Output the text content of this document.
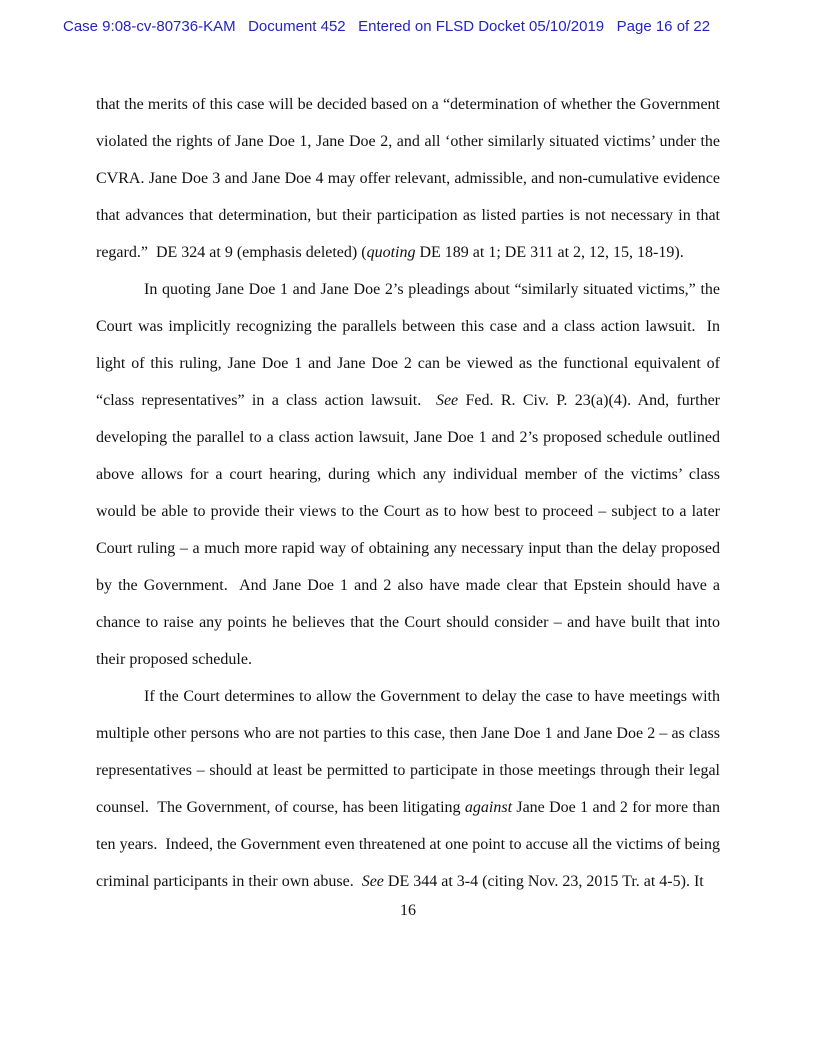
Case 9:08-cv-80736-KAM   Document 452   Entered on FLSD Docket 05/10/2019   Page 16 of 22

that the merits of this case will be decided based on a “determination of whether the Government violated the rights of Jane Doe 1, Jane Doe 2, and all ‘other similarly situated victims’ under the CVRA. Jane Doe 3 and Jane Doe 4 may offer relevant, admissible, and non-cumulative evidence that advances that determination, but their participation as listed parties is not necessary in that regard.”  DE 324 at 9 (emphasis deleted) (quoting DE 189 at 1; DE 311 at 2, 12, 15, 18-19).

In quoting Jane Doe 1 and Jane Doe 2’s pleadings about “similarly situated victims,” the Court was implicitly recognizing the parallels between this case and a class action lawsuit.  In light of this ruling, Jane Doe 1 and Jane Doe 2 can be viewed as the functional equivalent of “class representatives” in a class action lawsuit.  See Fed. R. Civ. P. 23(a)(4). And, further developing the parallel to a class action lawsuit, Jane Doe 1 and 2’s proposed schedule outlined above allows for a court hearing, during which any individual member of the victims’ class would be able to provide their views to the Court as to how best to proceed – subject to a later Court ruling – a much more rapid way of obtaining any necessary input than the delay proposed by the Government.  And Jane Doe 1 and 2 also have made clear that Epstein should have a chance to raise any points he believes that the Court should consider – and have built that into their proposed schedule.

If the Court determines to allow the Government to delay the case to have meetings with multiple other persons who are not parties to this case, then Jane Doe 1 and Jane Doe 2 – as class representatives – should at least be permitted to participate in those meetings through their legal counsel.  The Government, of course, has been litigating against Jane Doe 1 and 2 for more than ten years.  Indeed, the Government even threatened at one point to accuse all the victims of being criminal participants in their own abuse.  See DE 344 at 3-4 (citing Nov. 23, 2015 Tr. at 4-5). It

16
